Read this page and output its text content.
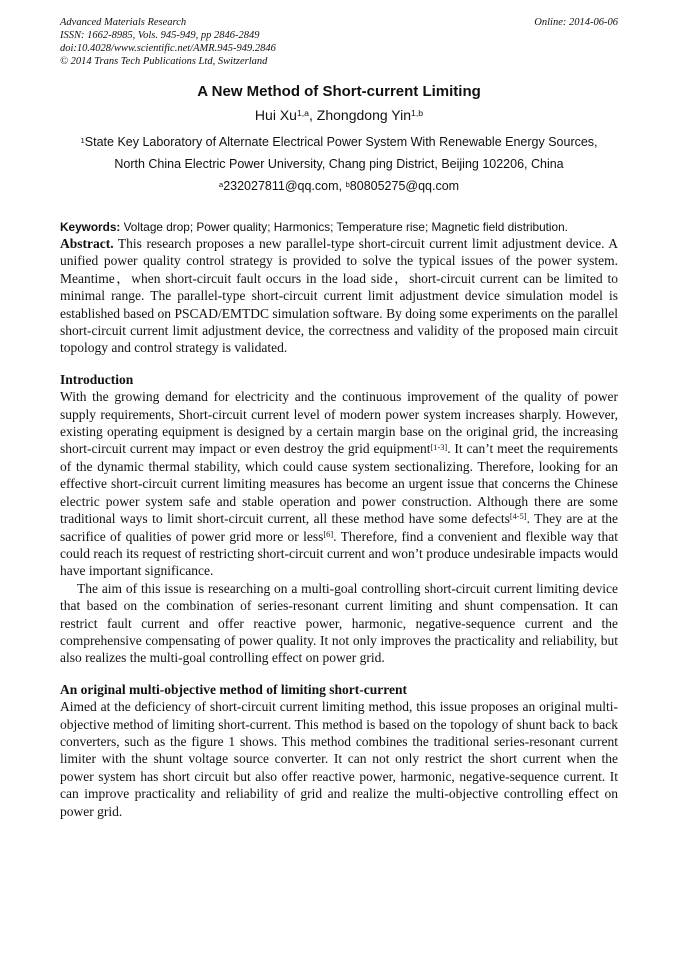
Advanced Materials Research
ISSN: 1662-8985, Vols. 945-949, pp 2846-2849
doi:10.4028/www.scientific.net/AMR.945-949.2846
© 2014 Trans Tech Publications Ltd, Switzerland
Online: 2014-06-06
A New Method of Short-current Limiting
Hui Xu$^{1,a}$, Zhongdong Yin$^{1,b}$
$^1$State Key Laboratory of Alternate Electrical Power System With Renewable Energy Sources,
North China Electric Power University, Chang ping District, Beijing 102206, China
$^a$232027811@qq.com, $^b$80805275@qq.com
Keywords: Voltage drop; Power quality; Harmonics; Temperature rise; Magnetic field distribution.

Abstract. This research proposes a new parallel-type short-circuit current limit adjustment device. A unified power quality control strategy is provided to solve the typical issues of the power system. Meantime，when short-circuit fault occurs in the load side，short-circuit current can be limited to minimal range. The parallel-type short-circuit current limit adjustment device simulation model is established based on PSCAD/EMTDC simulation software. By doing some experiments on the parallel short-circuit current limit adjustment device, the correctness and validity of the proposed main circuit topology and control strategy is validated.

Introduction

With the growing demand for electricity and the continuous improvement of the quality of power supply requirements, Short-circuit current level of modern power system increases sharply. However, existing operating equipment is designed by a certain margin base on the original grid, the increasing short-circuit current may impact or even destroy the grid equipment[1-3]. It can’t meet the requirements of the dynamic thermal stability, which could cause system sectionalizing. Therefore, looking for an effective short-circuit current limiting measures has become an urgent issue that concerns the Chinese electric power system safe and stable operation and power construction. Although there are some traditional ways to limit short-circuit current, all these method have some defects[4-5]. They are at the sacrifice of qualities of power grid more or less[6]. Therefore, find a convenient and flexible way that could reach its request of restricting short-circuit current and won’t produce undesirable impacts would have important significance.

The aim of this issue is researching on a multi-goal controlling short-circuit current limiting device that based on the combination of series-resonant current limiting and shunt compensation. It can restrict fault current and offer reactive power, harmonic, negative-sequence current and the comprehensive compensating of power quality. It not only improves the practicality and reliability, but also realizes the multi-goal controlling effect on power grid.

An original multi-objective method of limiting short-current

Aimed at the deficiency of short-circuit current limiting method, this issue proposes an original multi-objective method of limiting short-current. This method is based on the topology of shunt back to back converters, such as the figure 1 shows. This method combines the traditional series-resonant current limiter with the shunt voltage source converter. It can not only restrict the short current when the power system has short circuit but also offer reactive power, harmonic, negative-sequence current. It can improve practicality and reliability of grid and realize the multi-objective controlling effect on power grid.
